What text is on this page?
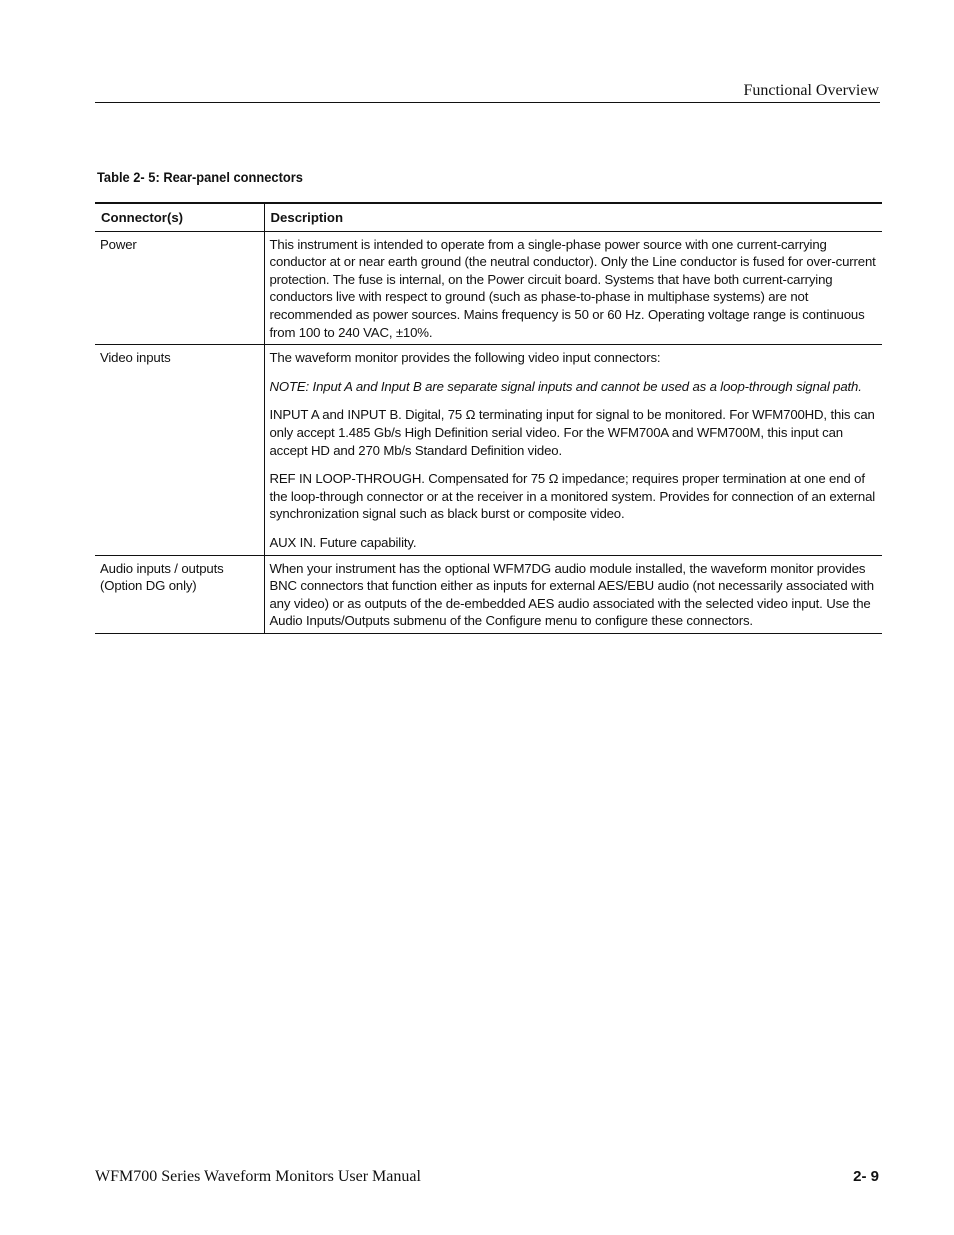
Functional Overview
Table 2- 5: Rear-panel connectors
Connector(s)	Description

Power	This instrument is intended to operate from a single-phase power source with one current-carrying conductor at or near earth ground (the neutral conductor). Only the Line conductor is fused for over-current protection. The fuse is internal, on the Power circuit board. Systems that have both current-carrying conductors live with respect to ground (such as phase-to-phase in multiphase systems) are not recommended as power sources. Mains frequency is 50 or 60 Hz. Operating voltage range is continuous from 100 to 240 VAC, ±10%.

Video inputs	The waveform monitor provides the following video input connectors:

NOTE: Input A and Input B are separate signal inputs and cannot be used as a loop-through signal path.

INPUT A and INPUT B. Digital, 75 Ω terminating input for signal to be monitored. For WFM700HD, this can only accept 1.485 Gb/s High Definition serial video. For the WFM700A and WFM700M, this input can accept HD and 270 Mb/s Standard Definition video.

REF IN LOOP-THROUGH. Compensated for 75 Ω impedance; requires proper termination at one end of the loop-through connector or at the receiver in a monitored system. Provides for connection of an external synchronization signal such as black burst or composite video.

AUX IN. Future capability.

Audio inputs / outputs (Option DG only)	When your instrument has the optional WFM7DG audio module installed, the waveform monitor provides BNC connectors that function either as inputs for external AES/EBU audio (not necessarily associated with any video) or as outputs of the de-embedded AES audio associated with the selected video input. Use the Audio Inputs/Outputs submenu of the Configure menu to configure these connectors.

WFM700 Series Waveform Monitors User Manual	2- 9
